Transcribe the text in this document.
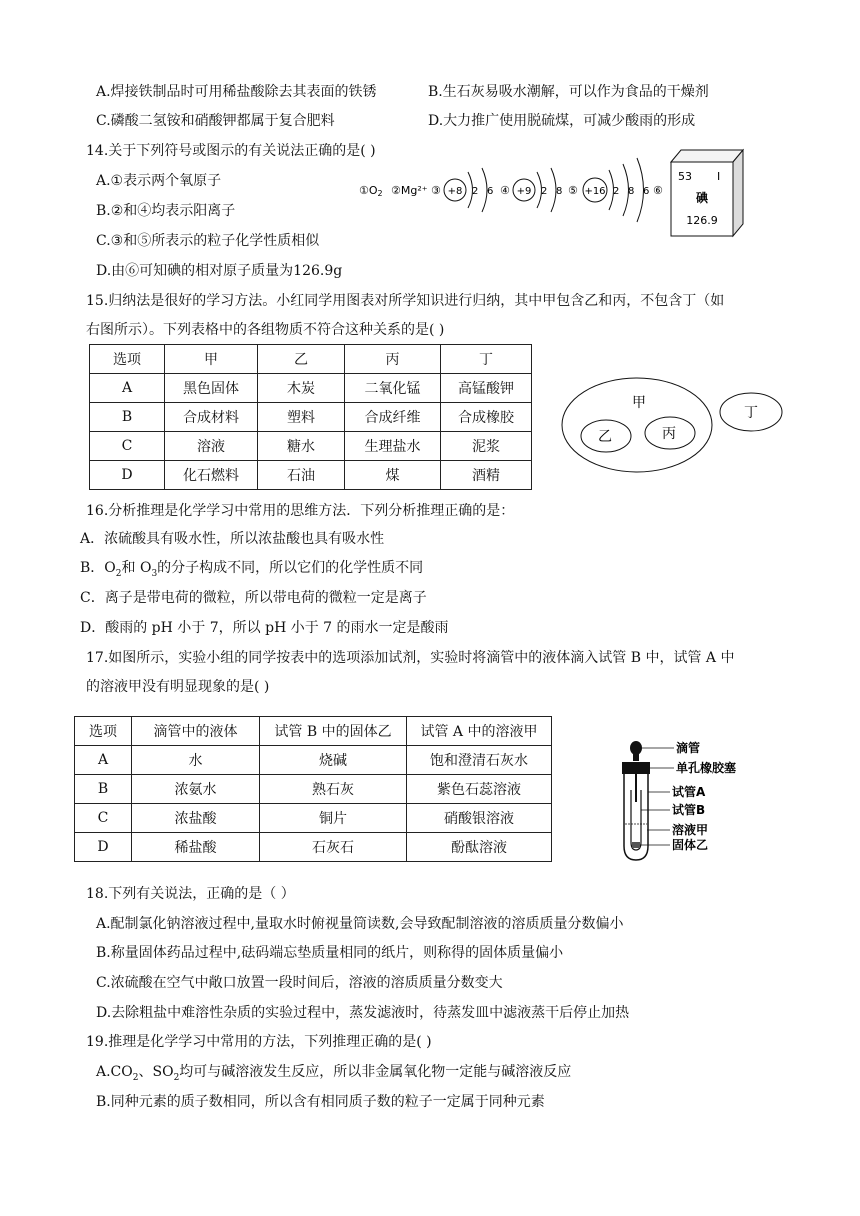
A.焊接铁制品时可用稀盐酸除去其表面的铁锈	B.生石灰易吸水潮解，可以作为食品的干燥剂
C.磷酸二氢铵和硝酸钾都属于复合肥料	D.大力推广使用脱硫煤，可减少酸雨的形成
14.关于下列符号或图示的有关说法正确的是( )
A.①表示两个氧原子
B.②和④均表示阳离子
C.③和⑤所表示的粒子化学性质相似
D.由⑥可知碘的相对原子质量为126.9g
①O2 ②Mg²⁺ ③ +8 2 6 ④ +9 2 8 ⑤ +16 2 8 6 ⑥
53 I
碘
126.9
15.归纳法是很好的学习方法。小红同学用图表对所学知识进行归纳，其中甲包含乙和丙，不包含丁（如
右图所示）。下列表格中的各组物质不符合这种关系的是( )
选项	甲	乙	丙	丁
A	黑色固体	木炭	二氧化锰	高锰酸钾
B	合成材料	塑料	合成纤维	合成橡胶
C	溶液	糖水	生理盐水	泥浆
D	化石燃料	石油	煤	酒精
甲
乙	丙
丁
16.分析推理是化学学习中常用的思维方法．下列分析推理正确的是：
A．浓硫酸具有吸水性，所以浓盐酸也具有吸水性
B．$O_2$和 $O_3$的分子构成不同，所以它们的化学性质不同
C．离子是带电荷的微粒，所以带电荷的微粒一定是离子
D．酸雨的 pH 小于 7，所以 pH 小于 7 的雨水一定是酸雨
17.如图所示，实验小组的同学按表中的选项添加试剂，实验时将滴管中的液体滴入试管 B 中，试管 A 中
的溶液甲没有明显现象的是( )
选项	滴管中的液体	试管 B 中的固体乙	试管 A 中的溶液甲
A	水	烧碱	饱和澄清石灰水
B	浓氨水	熟石灰	紫色石蕊溶液
C	浓盐酸	铜片	硝酸银溶液
D	稀盐酸	石灰石	酚酞溶液
滴管
单孔橡胶塞
试管A
试管B
溶液甲
固体乙
18.下列有关说法，正确的是（ ）
A.配制氯化钠溶液过程中,量取水时俯视量筒读数,会导致配制溶液的溶质质量分数偏小
B.称量固体药品过程中,砝码端忘垫质量相同的纸片，则称得的固体质量偏小
C.浓硫酸在空气中敞口放置一段时间后，溶液的溶质质量分数变大
D.去除粗盐中难溶性杂质的实验过程中，蒸发滤液时，待蒸发皿中滤液蒸干后停止加热
19.推理是化学学习中常用的方法，下列推理正确的是( )
$A.CO_2$、$SO_2$均可与碱溶液发生反应，所以非金属氧化物一定能与碱溶液反应
B.同种元素的质子数相同，所以含有相同质子数的粒子一定属于同种元素
